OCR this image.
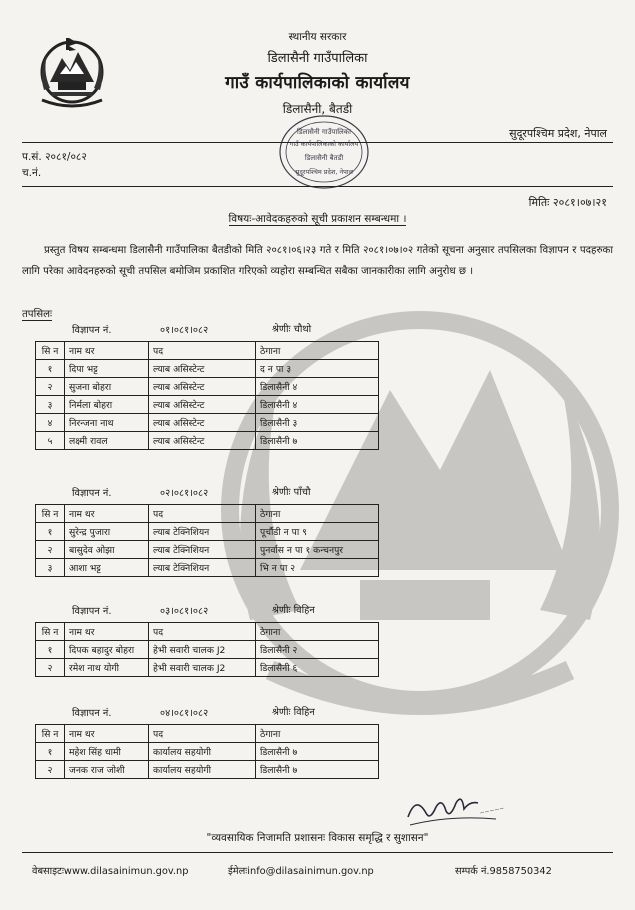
स्थानीय सरकार
डिलासैनी गाउँपालिका
गाउँ कार्यपालिकाको कार्यालय
डिलासैनी, बैतडी
डिलासैनी गाउँपालिका
गाउँ कार्यपालिकाको कार्यालय
डिलासैनी बैतडी
सुदूरपश्चिम प्रदेश, नेपाल
सुदूरपश्चिम प्रदेश, नेपाल
प.सं. २०८१/०८२
च.नं.
मितिः २०८१।०७।२१
विषयः-आवेदकहरुको सूची प्रकाशन सम्बन्धमा ।
प्रस्तुत विषय सम्बन्धमा डिलासैनी गाउँपालिका बैतडीको मिति २०८१।०६।२३ गते र मिति २०८१।०७।०२ गतेको सूचना अनुसार तपसिलका विज्ञापन र पदहरुका लागि परेका आवेदनहरुको सूची तपसिल बमोजिम प्रकाशित गरिएको व्यहोरा सम्बन्धित सबैका जानकारीका लागि अनुरोध छ ।
तपसिलः
विज्ञापन नं.	०१।०८१।०८२	श्रेणीः चौथो
सि न	नाम थर	पद	ठेगाना
१	दिपा भट्ट	ल्याब असिस्टेन्ट	द न पा ३
२	सुजना बोहरा	ल्याब असिस्टेन्ट	डिलासैनी ४
३	निर्मला बोहरा	ल्याब असिस्टेन्ट	डिलासैनी ४
४	निरन्जना नाथ	ल्याब असिस्टेन्ट	डिलासैनी ३
५	लक्ष्मी रावल	ल्याब असिस्टेन्ट	डिलासैनी ७
विज्ञापन नं.	०२।०८१।०८२	श्रेणीः पाँचौ
सि न	नाम थर	पद	ठेगाना
१	सुरेन्द्र पुजारा	ल्याब टेक्निशियन	पूर्चौडी न पा ९
२	बासुदेव ओझा	ल्याब टेक्निशियन	पुनर्वास न पा १ कन्चनपुर
३	आशा भट्ट	ल्याब टेक्निशियन	भि न पा २
विज्ञापन नं.	०३।०८१।०८२	श्रेणीः विहिन
सि न	नाम थर	पद	ठेगाना
१	दिपक बहादुर बोहरा	हेभी सवारी चालक J2	डिलासैनी २
२	रमेश नाथ योगी	हेभी सवारी चालक J2	डिलासैनी ६
विज्ञापन नं.	०४।०८१।०८२	श्रेणीः विहिन
सि न	नाम थर	पद	ठेगाना
१	महेश सिंह धामी	कार्यालय सहयोगी	डिलासैनी ७
२	जनक राज जोशी	कार्यालय सहयोगी	डिलासैनी ७
~~~~~
"व्यवसायिक निजामति प्रशासनः विकास समृद्धि र सुशासन"
वेबसाइटःwww.dilasainimun.gov.np	ईमेलःinfo@dilasainimun.gov.np	सम्पर्क नं.9858750342
